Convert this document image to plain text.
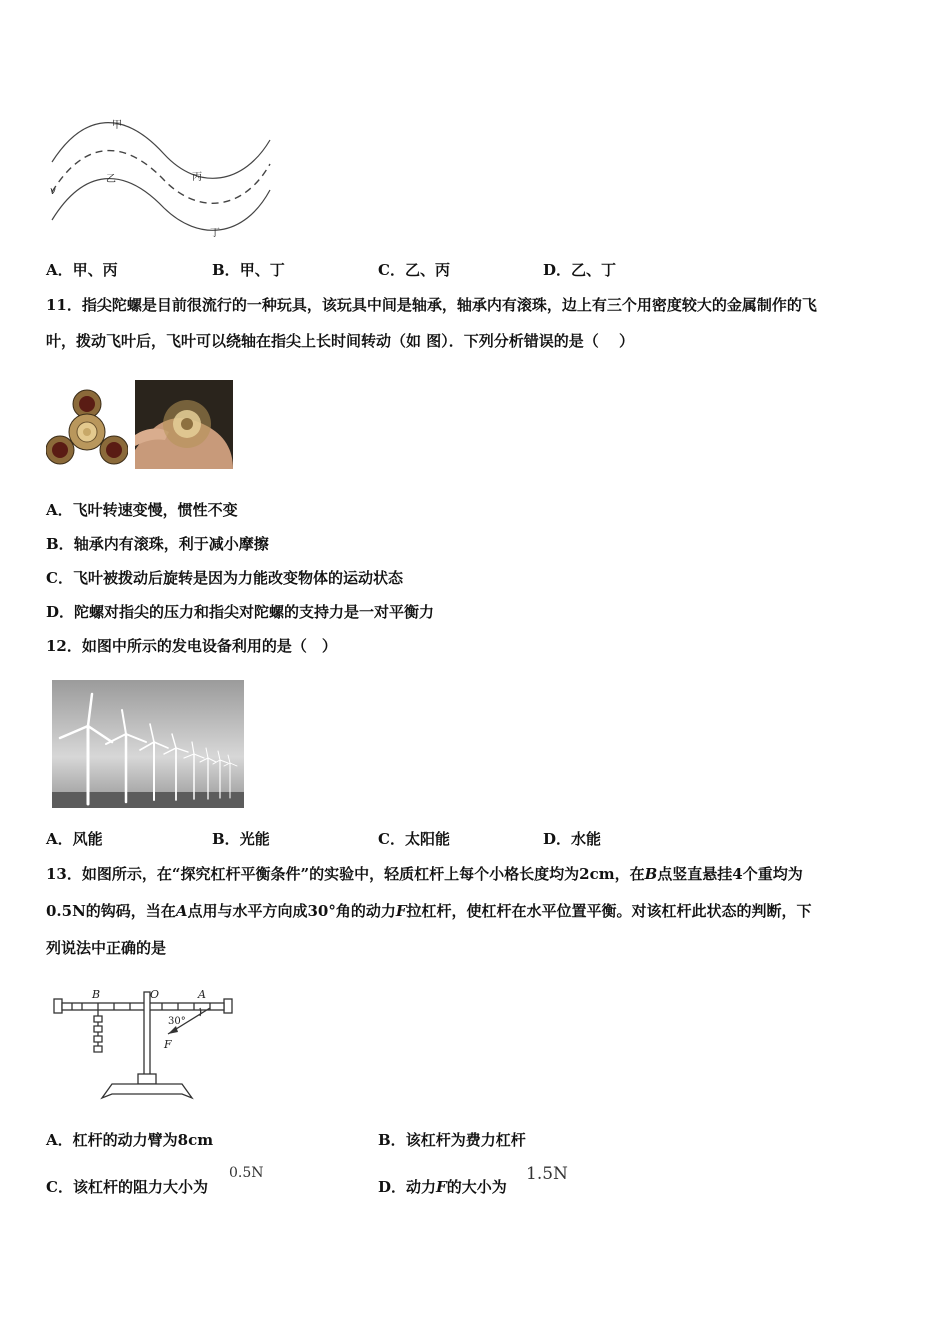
甲
乙	丙
丁
v
A．甲、丙	B．甲、丁	C．乙、丙	D．乙、丁
11．指尖陀螺是目前很流行的一种玩具，该玩具中间是轴承，轴承内有滚珠，边上有三个用密度较大的金属制作的飞
叶，拨动飞叶后，飞叶可以绕轴在指尖上长时间转动（如 图）．下列分析错误的是（　 ）
A．飞叶转速变慢，惯性不变
B．轴承内有滚珠，利于减小摩擦
C．飞叶被拨动后旋转是因为力能改变物体的运动状态
D．陀螺对指尖的压力和指尖对陀螺的支持力是一对平衡力
12．如图中所示的发电设备利用的是（　）
A．风能	B．光能	C．太阳能	D．水能
13．如图所示，在“探究杠杆平衡条件”的实验中，轻质杠杆上每个小格长度均为2cm，在B点竖直悬挂4个重均为
0.5N的钩码，当在A点用与水平方向成30°角的动力F拉杠杆，使杠杆在水平位置平衡。对该杠杆此状态的判断，下
列说法中正确的是
B	O	A
30°
F
A．杠杆的动力臂为8cm	B．该杠杆为费力杠杆
C．该杠杆的阻力大小为
0.5N
D．动力F的大小为
1.5N
